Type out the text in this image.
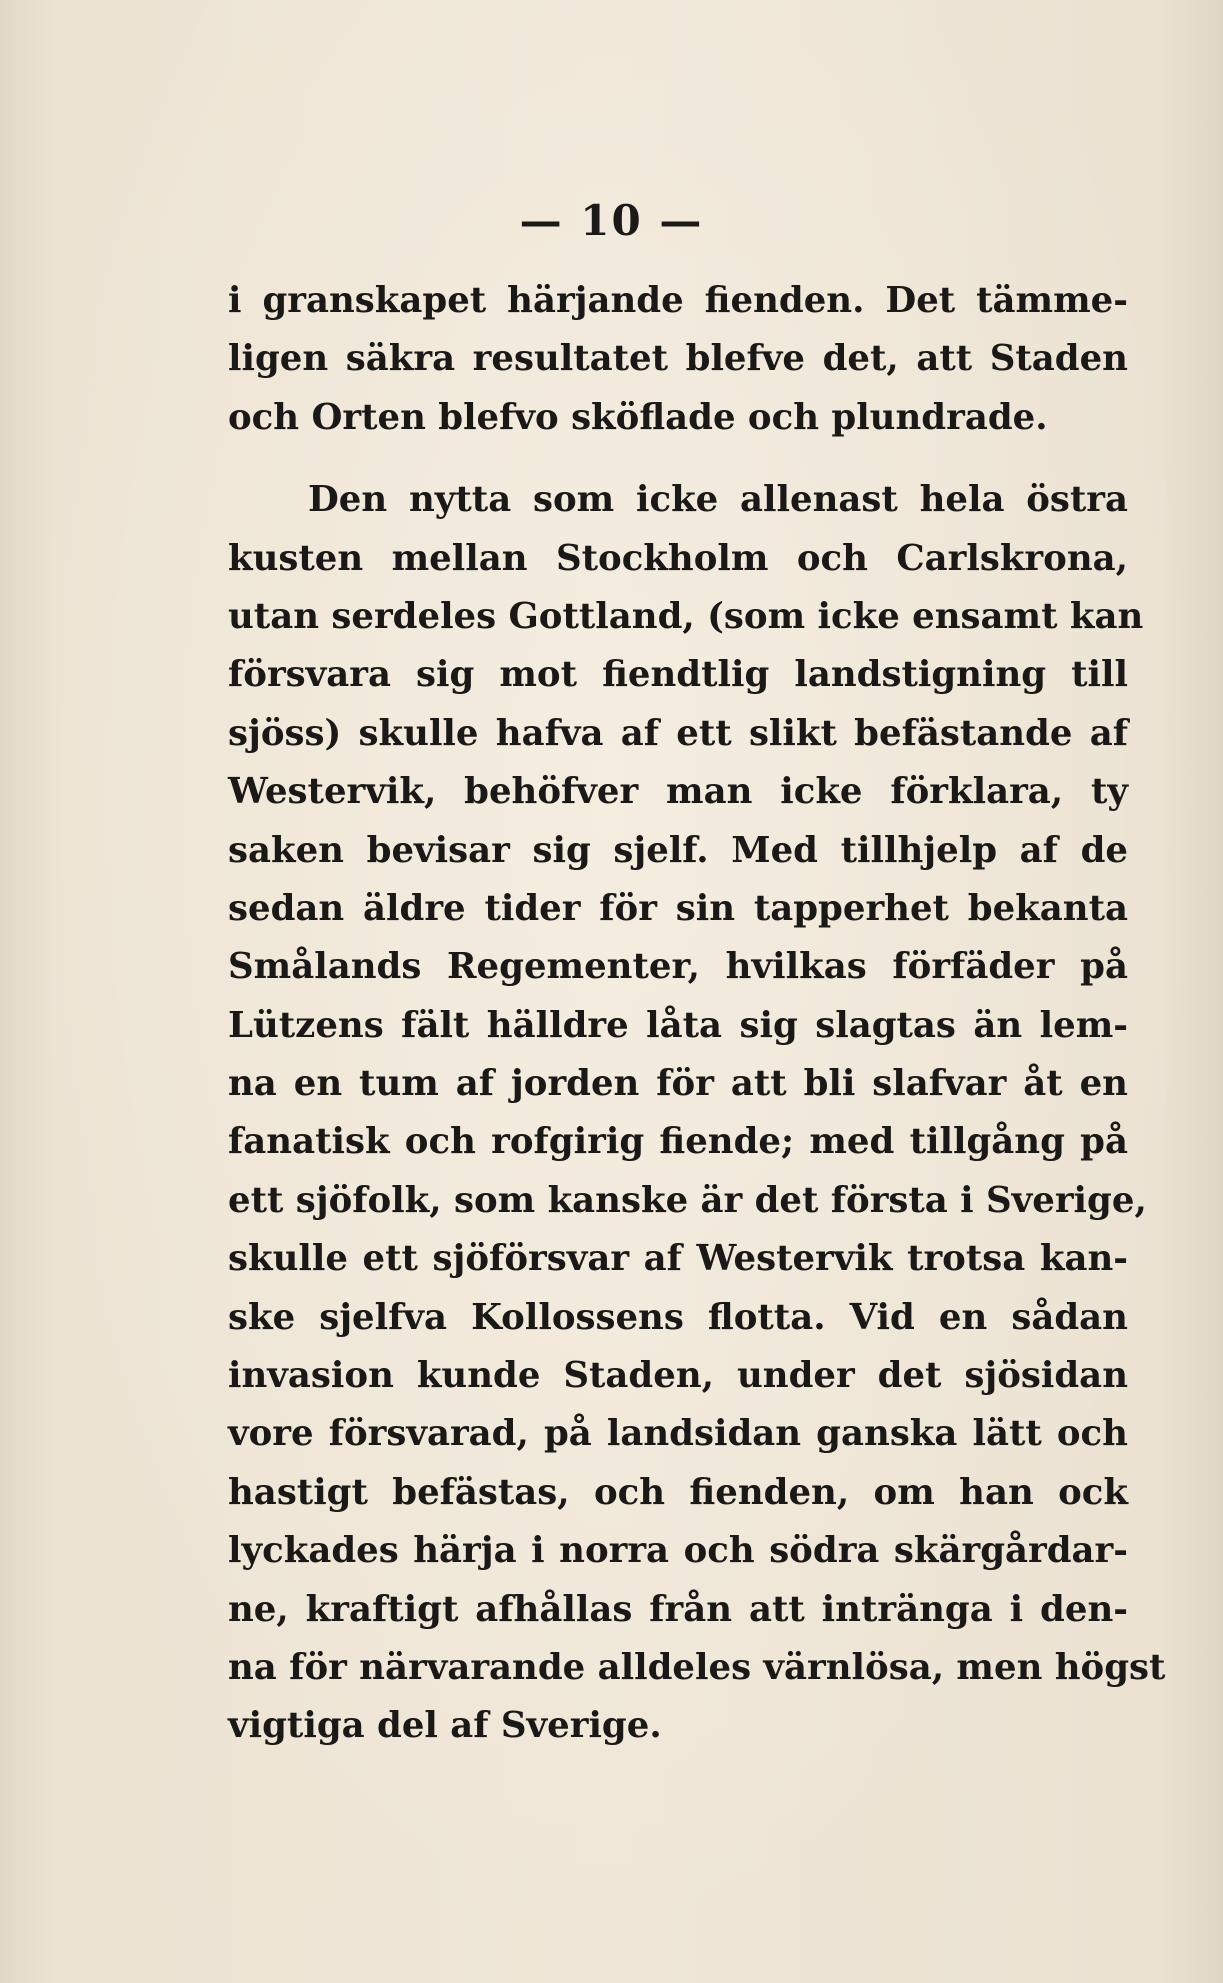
— 10 —
i granskapet härjande fienden. Det tämme-
ligen säkra resultatet blefve det, att Staden
och Orten blefvo sköflade och plundrade.
Den nytta som icke allenast hela östra
kusten mellan Stockholm och Carlskrona,
utan serdeles Gottland, (som icke ensamt kan
försvara sig mot fiendtlig landstigning till
sjöss) skulle hafva af ett slikt befästande af
Westervik, behöfver man icke förklara, ty
saken bevisar sig sjelf. Med tillhjelp af de
sedan äldre tider för sin tapperhet bekanta
Smålands Regementer, hvilkas förfäder på
Lützens fält hälldre låta sig slagtas än lem-
na en tum af jorden för att bli slafvar åt en
fanatisk och rofgirig fiende; med tillgång på
ett sjöfolk, som kanske är det första i Sverige,
skulle ett sjöförsvar af Westervik trotsa kan-
ske sjelfva Kollossens flotta. Vid en sådan
invasion kunde Staden, under det sjösidan
vore försvarad, på landsidan ganska lätt och
hastigt befästas, och fienden, om han ock
lyckades härja i norra och södra skärgårdar-
ne, kraftigt afhållas från att inträngа i den-
na för närvarande alldeles värnlösa, men högst
vigtiga del af Sverige.
